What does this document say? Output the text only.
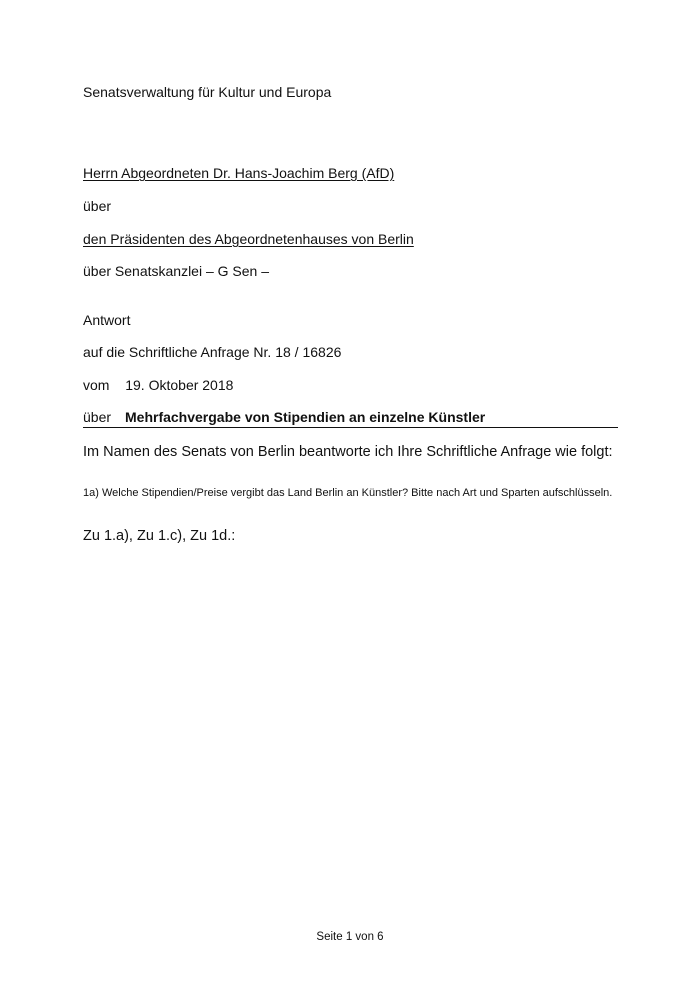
Senatsverwaltung für Kultur und Europa
Herrn Abgeordneten Dr. Hans-Joachim Berg (AfD)
über
den Präsidenten des Abgeordnetenhauses von Berlin
über Senatskanzlei – G Sen –
Antwort
auf die Schriftliche Anfrage Nr. 18 / 16826
vom 19. Oktober 2018
über Mehrfachvergabe von Stipendien an einzelne Künstler
Im Namen des Senats von Berlin beantworte ich Ihre Schriftliche Anfrage wie folgt:
1a) Welche Stipendien/Preise vergibt das Land Berlin an Künstler? Bitte nach Art und Sparten aufschlüsseln.
Zu 1.a), Zu 1.c), Zu 1d.:
Seite 1 von 6
